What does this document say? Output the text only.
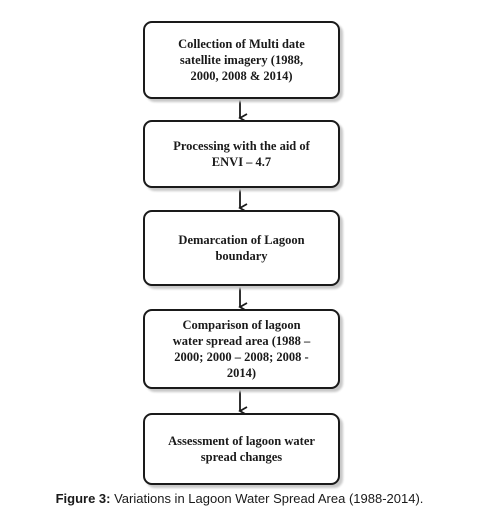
Collection of Multi date
satellite imagery (1988,
2000, 2008 & 2014)
Processing with the aid of
ENVI – 4.7
Demarcation of Lagoon
boundary
Comparison of lagoon
water spread area (1988 –
2000; 2000 – 2008; 2008 -
2014)
Assessment of lagoon water
spread changes
Figure 3: Variations in Lagoon Water Spread Area (1988-2014).
